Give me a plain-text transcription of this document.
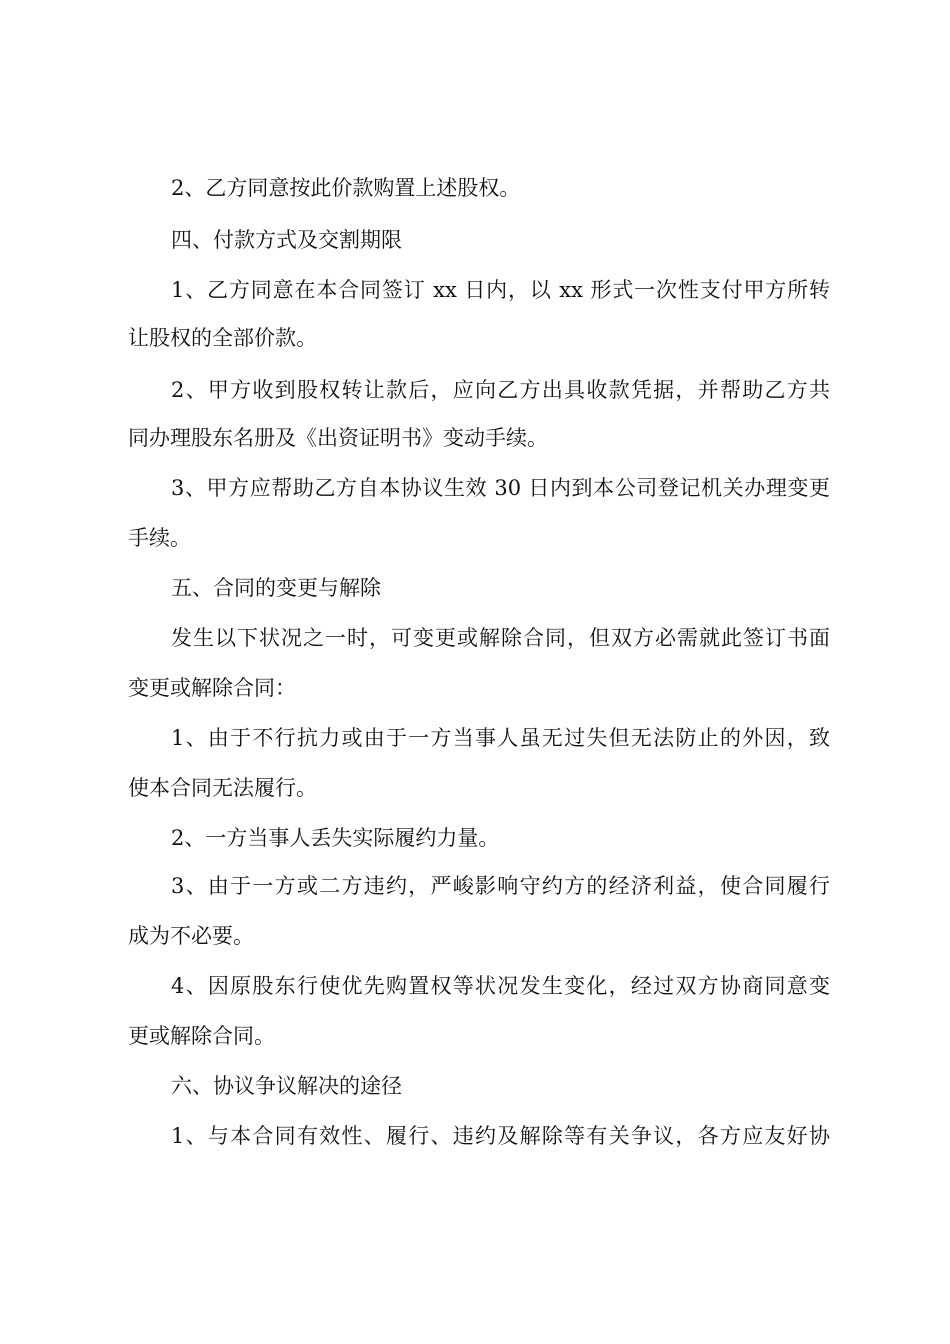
2、乙方同意按此价款购置上述股权。
四、付款方式及交割期限
1、乙方同意在本合同签订 xx 日内，以 xx 形式一次性支付甲方所转
让股权的全部价款。
2、甲方收到股权转让款后，应向乙方出具收款凭据，并帮助乙方共
同办理股东名册及《出资证明书》变动手续。
3、甲方应帮助乙方自本协议生效 30 日内到本公司登记机关办理变更
手续。
五、合同的变更与解除
发生以下状况之一时，可变更或解除合同，但双方必需就此签订书面
变更或解除合同：
1、由于不行抗力或由于一方当事人虽无过失但无法防止的外因，致
使本合同无法履行。
2、一方当事人丢失实际履约力量。
3、由于一方或二方违约，严峻影响守约方的经济利益，使合同履行
成为不必要。
4、因原股东行使优先购置权等状况发生变化，经过双方协商同意变
更或解除合同。
六、协议争议解决的途径
1、与本合同有效性、履行、违约及解除等有关争议，各方应友好协
